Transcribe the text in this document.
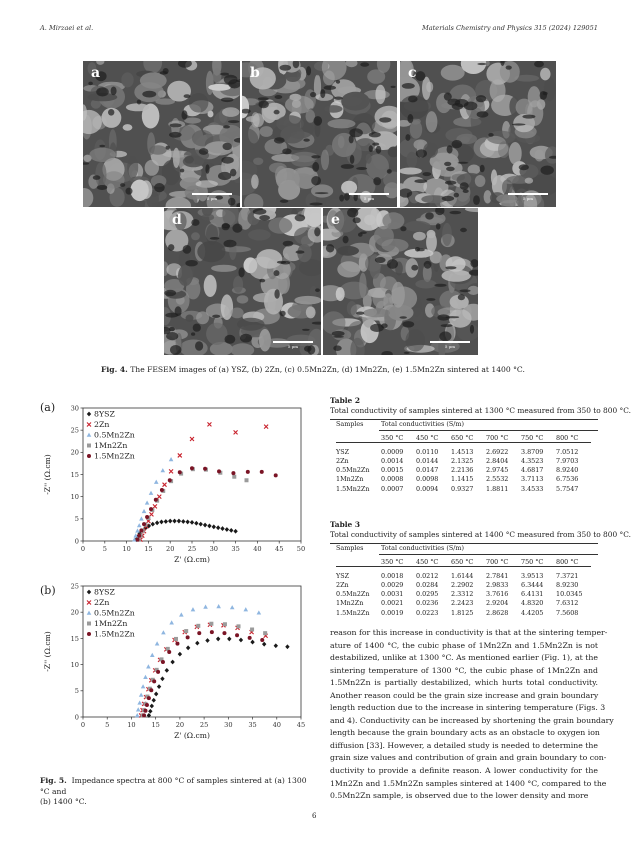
A. Mirzaei et al.	Materials Chemistry and Physics 315 (2024) 129051
a
5 μm
b
5 μm
c
5 μm
d
5 μm
e
5 μm
Fig. 4. The FESEM images of (a) YSZ, (b) 2Zn, (c) 0.5Mn2Zn, (d) 1Mn2Zn, (e) 1.5Mn2Zn sintered at 1400 °C.
(a)
0
5
10
15
20
25
30
0	5 10 15 20 25 30 35 40 45 50
Z' (Ω.cm)
-Z'' (Ω.cm)
8YSZ
2Zn
0.5Mn2Zn
1Mn2Zn
1.5Mn2Zn
(b)
0
5
10
15
20
25
0	5	10 15 20 25 30 35 40 45
Z' (Ω.cm)
-Z'' (Ω.cm)
8YSZ
2Zn
0.5Mn2Zn
1Mn2Zn
1.5Mn2Zn
Fig. 5. Impedance spectra at 800 °C of samples sintered at (a) 1300 °C and
(b) 1400 °C.
Table 2
Total conductivity of samples sintered at 1300 °C measured from 350 to 800 °C.
Samples	Total conductivities (S/m)
	350 °C	450 °C	650 °C	700 °C	750 °C	800 °C

YSZ	0.0009	0.0110	1.4513	2.6922	3.8709	7.0512
2Zn	0.0014	0.0144	2.1325	2.8404	4.3523	7.9703
0.5Mn2Zn	0.0015	0.0147	2.2136	2.9745	4.6817	8.9240
1Mn2Zn	0.0008	0.0098	1.1415	2.5532	3.7113	6.7536
1.5Mn2Zn	0.0007	0.0094	0.9327	1.8811	3.4533	5.7547
Table 3
Total conductivity of samples sintered at 1400 °C measured from 350 to 800 °C.
Samples	Total conductivities (S/m)
	350 °C	450 °C	650 °C	700 °C	750 °C	800 °C

YSZ	0.0018	0.0212	1.6144	2.7841	3.9513	7.3721
2Zn	0.0029	0.0284	2.2902	2.9833	6.3444	8.9230
0.5Mn2Zn	0.0031	0.0295	2.3312	3.7616	6.4131	10.0345
1Mn2Zn	0.0021	0.0236	2.2423	2.9204	4.8320	7.6312
1.5Mn2Zn	0.0019	0.0223	1.8125	2.8628	4.4205	7.5608
reason for this increase in conductivity is that at the sintering temper-
ature of 1400 °C, the cubic phase of 1Mn2Zn and 1.5Mn2Zn is not
destabilized, unlike at 1300 °C. As mentioned earlier (Fig. 1), at the
sintering temperature of 1300 °C, the cubic phase of 1Mn2Zn and
1.5Mn2Zn is partially destabilized, which hurts total conductivity.
Another reason could be the grain size increase and grain boundary
length reduction due to the increase in sintering temperature (Figs. 3
and 4). Conductivity can be increased by shortening the grain boundary
length because the grain boundary acts as an obstacle to oxygen ion
diffusion [33]. However, a detailed study is needed to determine the
grain size values and contribution of grain and grain boundary to con-
ductivity to provide a definite reason. A lower conductivity for the
1Mn2Zn and 1.5Mn2Zn samples sintered at 1400 °C, compared to the
0.5Mn2Zn sample, is observed due to the lower density and more
6
